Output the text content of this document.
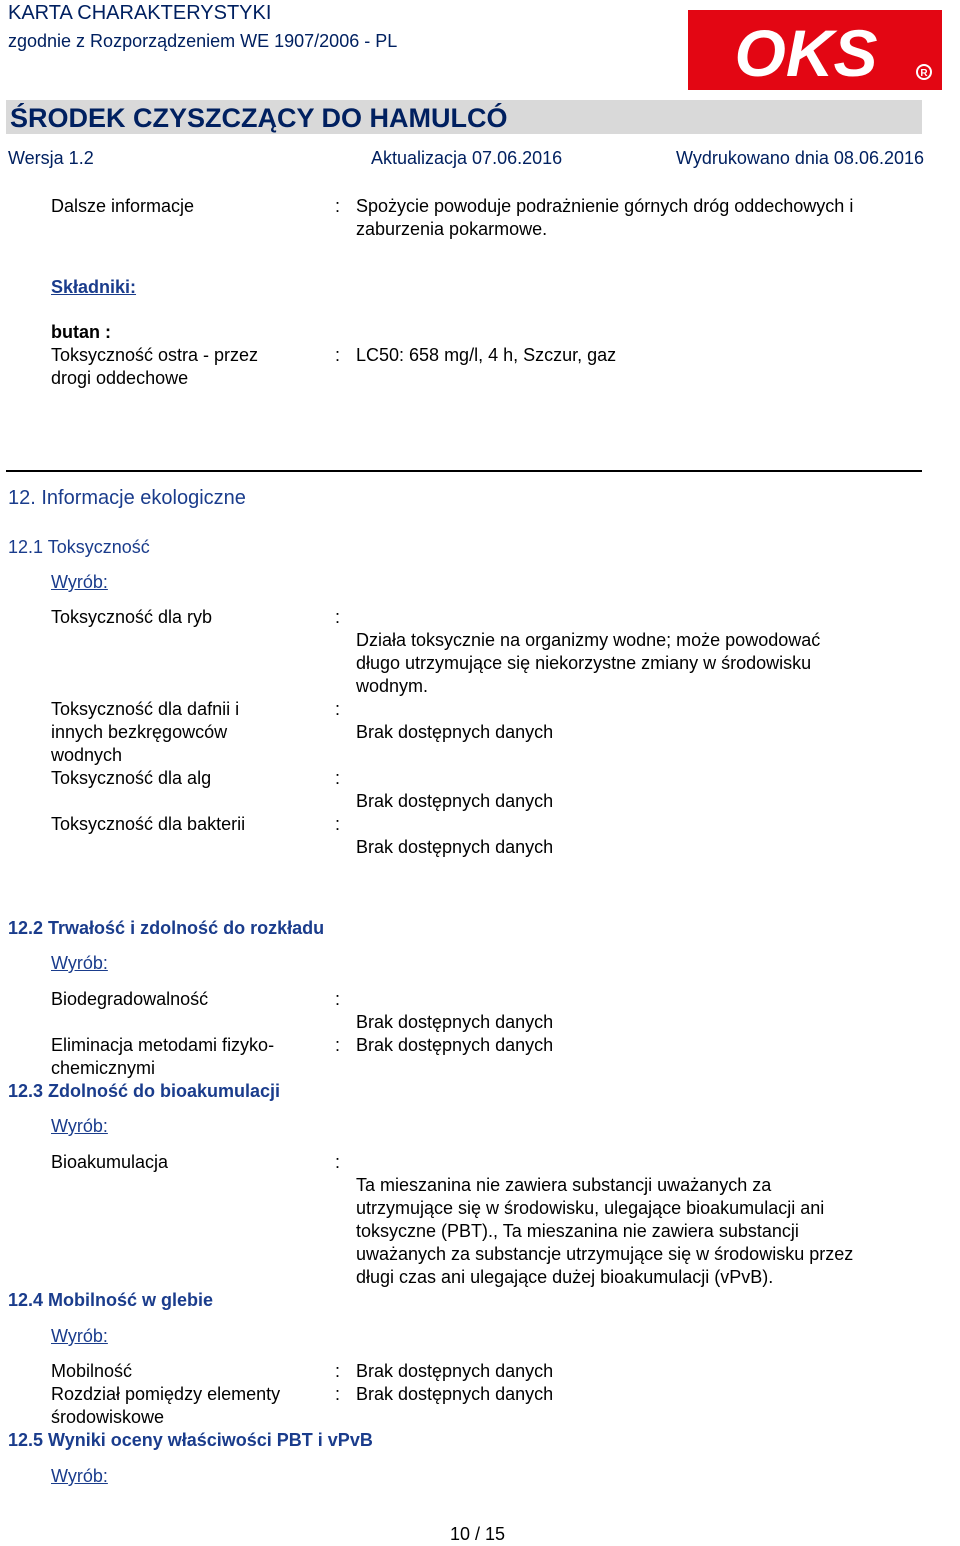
KARTA CHARAKTERYSTYKI
zgodnie z Rozporządzeniem WE 1907/2006 - PL	OKS	R
ŚRODEK CZYSZCZĄCY DO HAMULCÓ
Wersja 1.2	Aktualizacja 07.06.2016	Wydrukowano dnia 08.06.2016
Dalsze informacje	: Spożycie powoduje podrażnienie górnych dróg oddechowych i
zaburzenia pokarmowe.
Składniki:
butan :
Toksyczność ostra - przez
drogi oddechowe
: LC50: 658 mg/l, 4 h, Szczur, gaz
12. Informacje ekologiczne
12.1 Toksyczność
Wyrób:
Toksyczność dla ryb	:
Działa toksycznie na organizmy wodne; może powodować
długo utrzymujące się niekorzystne zmiany w środowisku
wodnym.
Toksyczność dla dafnii i
innych bezkręgowców
wodnych
:
Brak dostępnych danych
Toksyczność dla alg	:
Brak dostępnych danych
Toksyczność dla bakterii	:
Brak dostępnych danych
12.2 Trwałość i zdolność do rozkładu
Wyrób:
Biodegradowalność	:
Brak dostępnych danych
Eliminacja metodami fizyko-
chemicznymi
: Brak dostępnych danych
12.3 Zdolność do bioakumulacji
Wyrób:
Bioakumulacja	:
Ta mieszanina nie zawiera substancji uważanych za
utrzymujące się w środowisku, ulegające bioakumulacji ani
toksyczne (PBT)., Ta mieszanina nie zawiera substancji
uważanych za substancje utrzymujące się w środowisku przez
długi czas ani ulegające dużej bioakumulacji (vPvB).
12.4 Mobilność w glebie
Wyrób:
Mobilność	: Brak dostępnych danych
Rozdział pomiędzy elementy
środowiskowe
: Brak dostępnych danych
12.5 Wyniki oceny właściwości PBT i vPvB
Wyrób:
10 / 15
